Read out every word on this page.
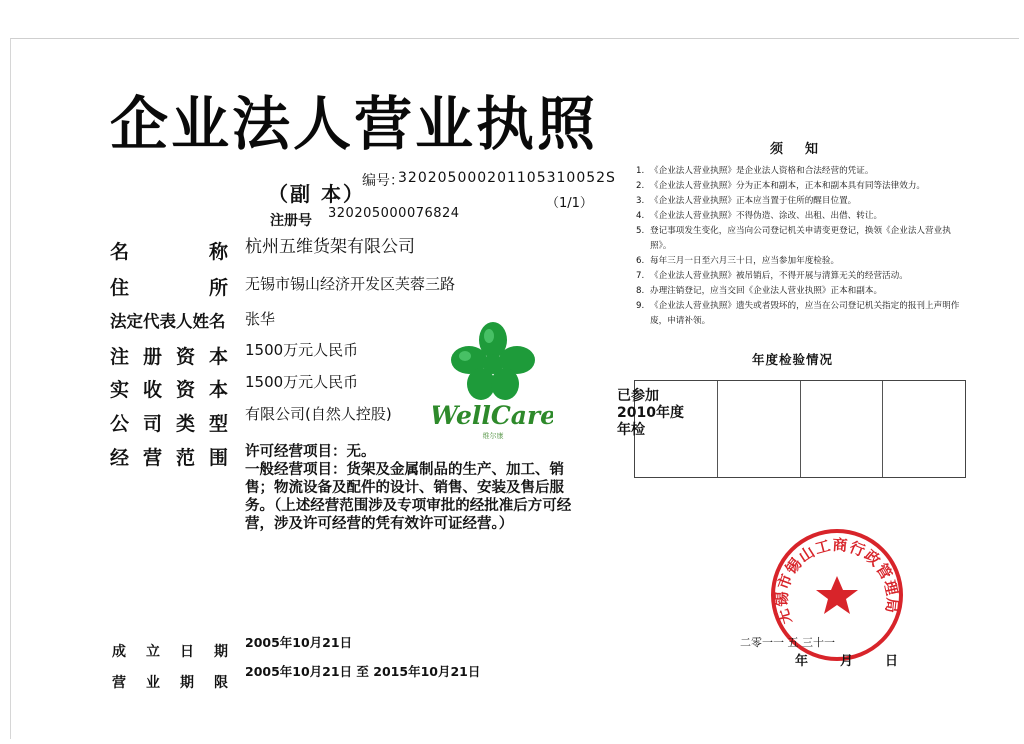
企业法人营业执照
（副 本）
编号：
320205000201105310052S
（1/1）
注册号 320205000076824
名	称 杭州五维货架有限公司
住	所 无锡市锡山经济开发区芙蓉三路
法定代表人姓名 张华
注 册 资 本 1500万元人民币
实 收 资 本 1500万元人民币
公 司 类 型 有限公司(自然人控股)
经 营 范 围 许可经营项目：无。
一般经营项目：货架及金属制品的生产、加工、销售；物流设备及配件的设计、销售、安装及售后服务。（上述经营范围涉及专项审批的经批准后方可经营，涉及许可经营的凭有效许可证经营。）
成 立 日 期
2005年10月21日
营 业 期 限
2005年10月21日 至 2015年10月21日
WellCare
维尔康
须知
1. 《企业法人营业执照》是企业法人资格和合法经营的凭证。
2. 《企业法人营业执照》分为正本和副本，正本和副本具有同等法律效力。
3. 《企业法人营业执照》正本应当置于住所的醒目位置。
4. 《企业法人营业执照》不得伪造、涂改、出租、出借、转让。
5. 登记事项发生变化，应当向公司登记机关申请变更登记，换领《企业法人营业执照》。
6. 每年三月一日至六月三十日，应当参加年度检验。
7. 《企业法人营业执照》被吊销后，不得开展与清算无关的经营活动。
8. 办理注销登记，应当交回《企业法人营业执照》正本和副本。
9. 《企业法人营业执照》遗失或者毁坏的，应当在公司登记机关指定的报刊上声明作废，申请补领。
年度检验情况
已参加2010年度年检
无锡市锡山工商行政管理局
二零一一 五 三十一
年 月 日
